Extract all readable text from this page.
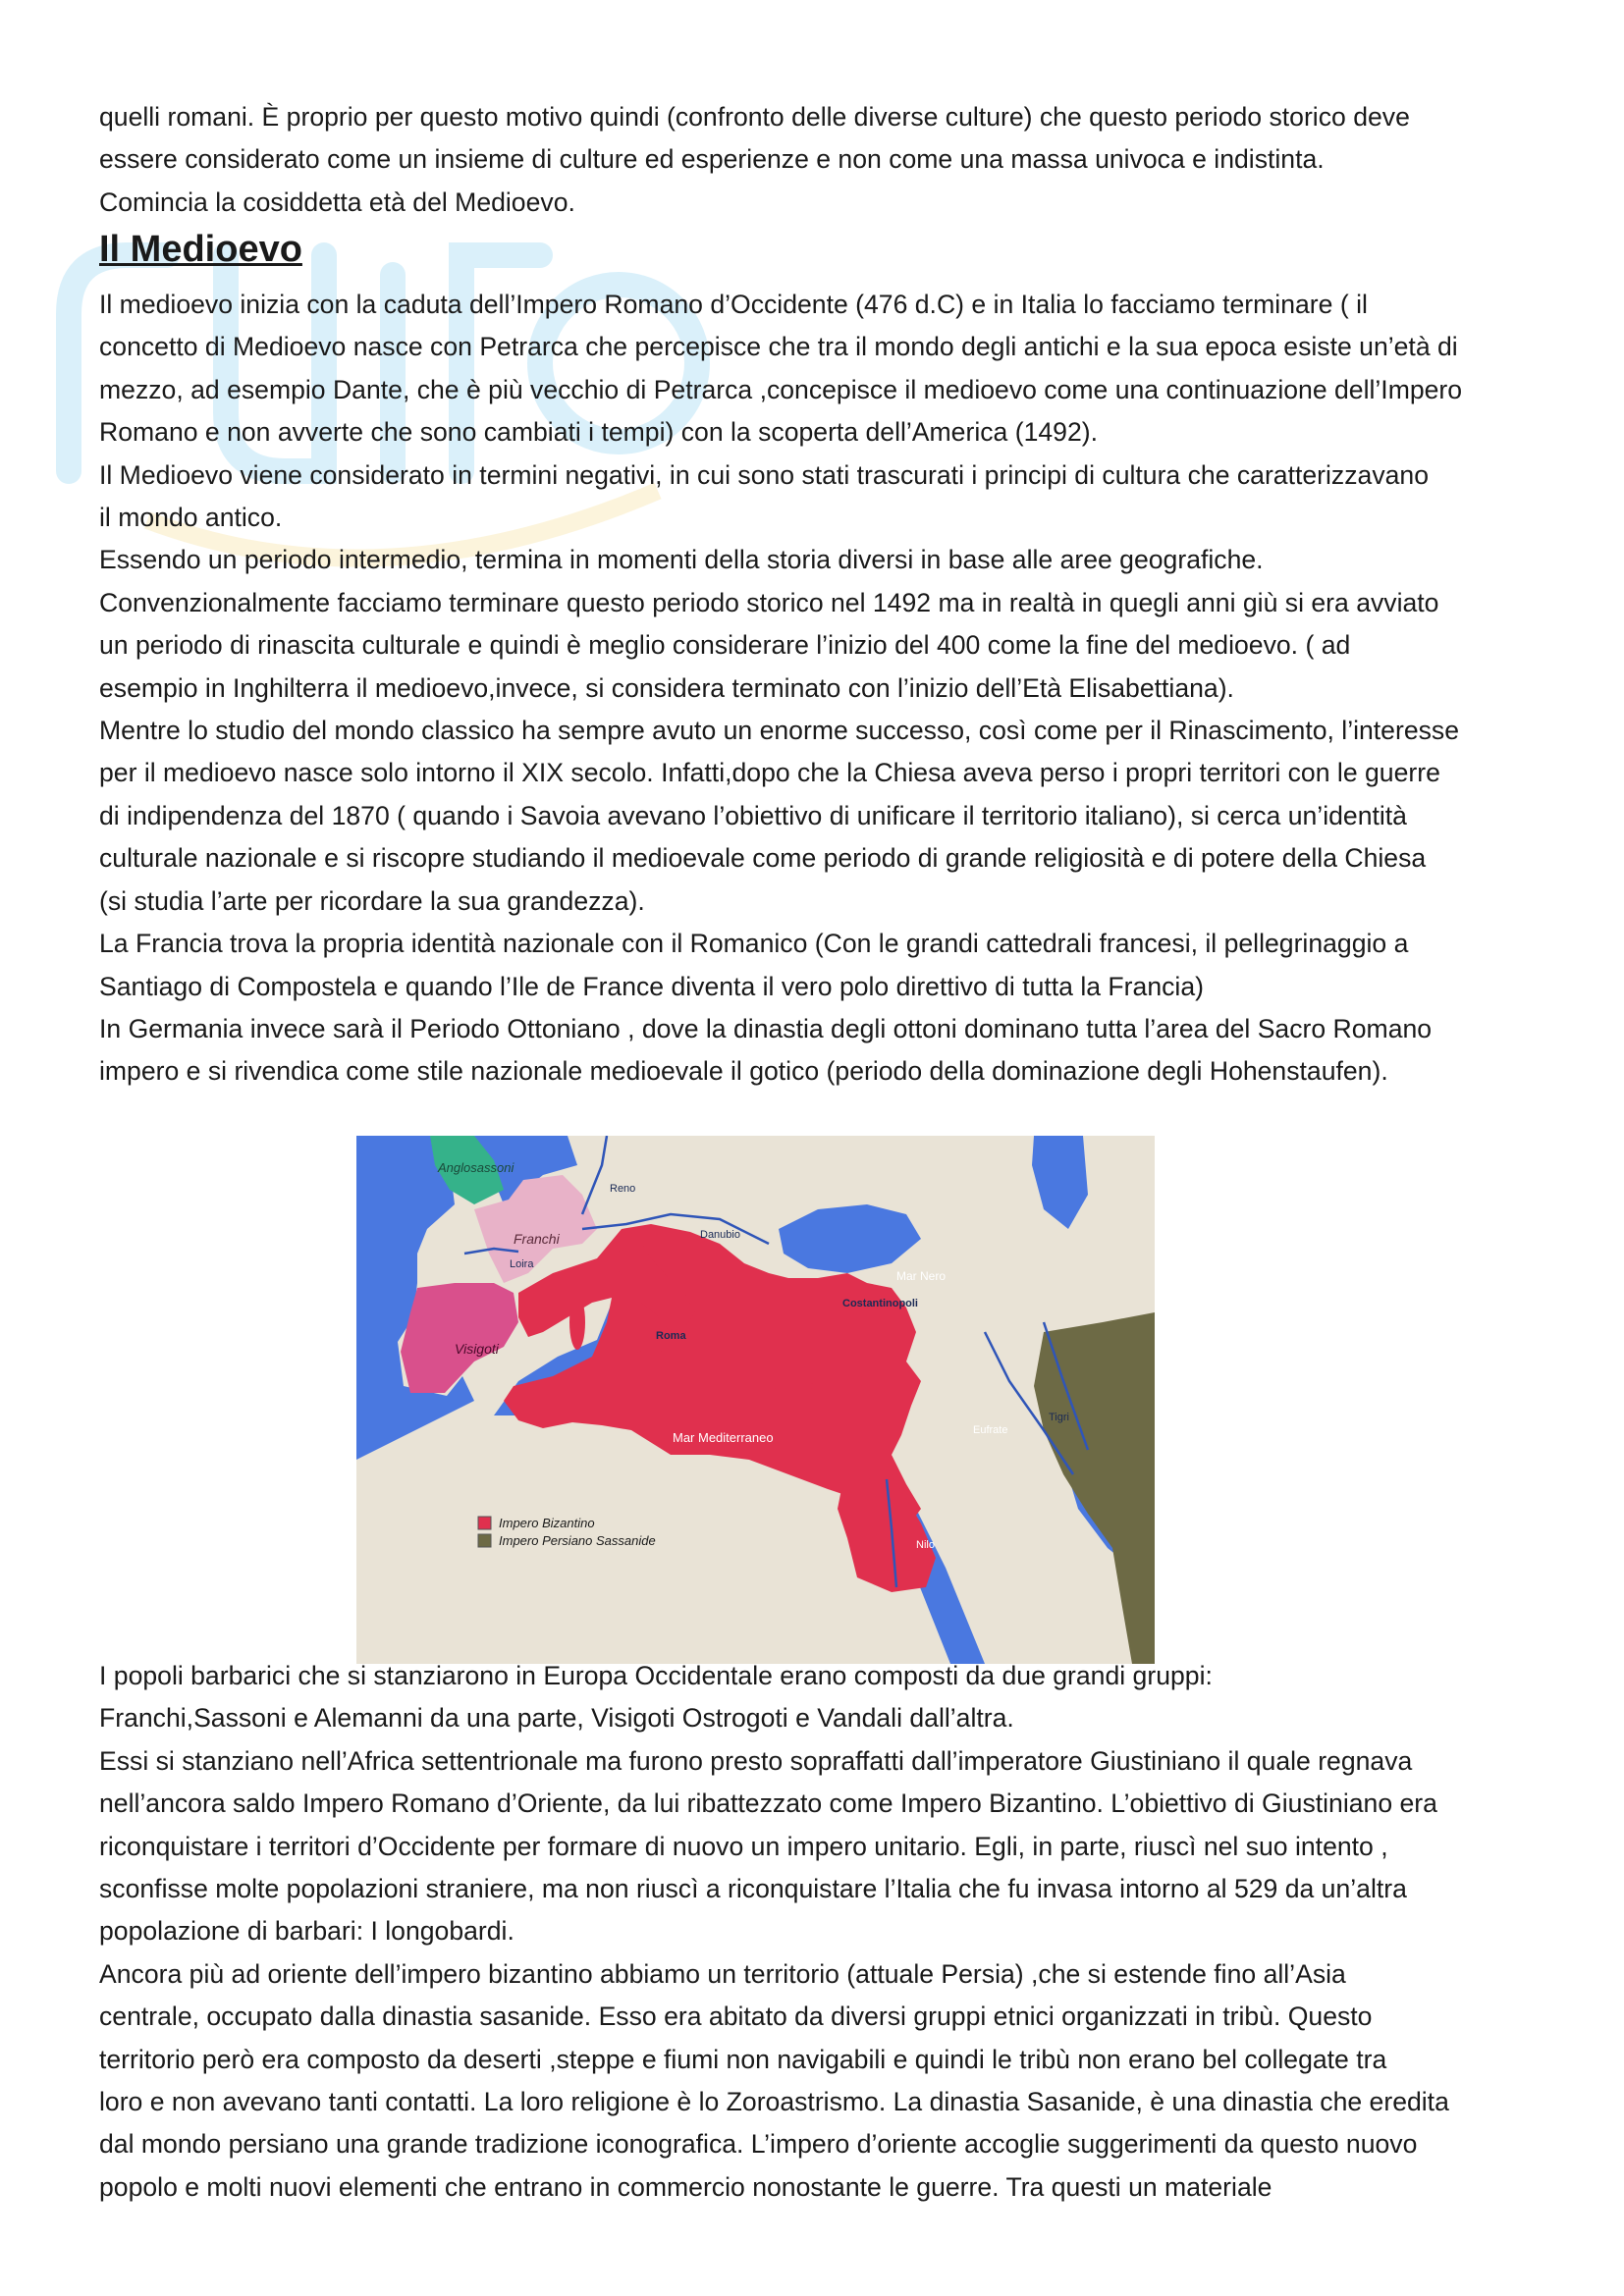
quelli romani. È proprio per questo motivo quindi (confronto delle diverse culture) che questo periodo storico deve

essere considerato come un insieme di culture ed esperienze e non come una massa univoca e indistinta.

Comincia la cosiddetta età del Medioevo.

Il Medioevo

Il medioevo inizia con la caduta dell’Impero Romano d’Occidente (476 d.C) e in Italia lo facciamo terminare ( il

concetto di Medioevo nasce con Petrarca che percepisce che tra il mondo degli antichi e la sua epoca esiste un’età di

mezzo, ad esempio Dante, che è più vecchio di Petrarca ,concepisce il medioevo come una continuazione dell’Impero

Romano e non avverte che sono cambiati i tempi) con la scoperta dell’America (1492).

Il Medioevo viene considerato in termini negativi, in cui sono stati trascurati i principi di cultura che caratterizzavano

il mondo antico.

Essendo un periodo intermedio, termina in momenti della storia diversi in base alle aree geografiche.

Convenzionalmente facciamo terminare questo periodo storico nel 1492 ma in realtà in quegli anni giù si era avviato

un periodo di rinascita culturale e quindi è meglio considerare l’inizio del 400 come la fine del medioevo. ( ad

esempio in Inghilterra il medioevo,invece, si considera terminato con l’inizio dell’Età Elisabettiana).

Mentre lo studio del mondo classico ha sempre avuto un enorme successo, così come per il Rinascimento, l’interesse

per il medioevo nasce solo intorno il XIX secolo. Infatti,dopo che la Chiesa aveva perso i propri territori con le guerre

di indipendenza del 1870 ( quando i Savoia avevano l’obiettivo di unificare il territorio italiano), si cerca un’identità

culturale nazionale e si riscopre studiando il medioevale come periodo di grande religiosità e di potere della Chiesa

(si studia l’arte per ricordare la sua grandezza).

La Francia trova la propria identità nazionale con il Romanico (Con le grandi cattedrali francesi, il pellegrinaggio a

Santiago di Compostela e quando l’Ile de France diventa il vero polo direttivo di tutta la Francia)

In Germania invece sarà il Periodo Ottoniano , dove la dinastia degli ottoni dominano tutta l’area del Sacro Romano

impero e si rivendica come stile nazionale medioevale il gotico (periodo della dominazione degli Hohenstaufen).

Anglosassoni
Reno
Franchi	Danubio
Loira
Mar Nero
Costantinopoli
Visigoti
Roma
Mar Mediterraneo	Eufrate
Tigri
Nilo
Impero Bizantino
Impero Persiano Sassanide

I popoli barbarici che si stanziarono in Europa Occidentale erano composti da due grandi gruppi:

Franchi,Sassoni e Alemanni da una parte, Visigoti Ostrogoti e Vandali dall’altra.

Essi si stanziano nell’Africa settentrionale ma furono presto sopraffatti dall’imperatore Giustiniano il quale regnava

nell’ancora saldo Impero Romano d’Oriente, da lui ribattezzato come Impero Bizantino. L’obiettivo di Giustiniano era

riconquistare i territori d’Occidente per formare di nuovo un impero unitario. Egli, in parte, riuscì nel suo intento ,

sconfisse molte popolazioni straniere, ma non riuscì a riconquistare l’Italia che fu invasa intorno al 529 da un’altra

popolazione di barbari: I longobardi.

Ancora più ad oriente dell’impero bizantino abbiamo un territorio (attuale Persia) ,che si estende fino all’Asia

centrale, occupato dalla dinastia sasanide. Esso era abitato da diversi gruppi etnici organizzati in tribù. Questo

territorio però era composto da deserti ,steppe e fiumi non navigabili e quindi le tribù non erano bel collegate tra

loro e non avevano tanti contatti. La loro religione è lo Zoroastrismo. La dinastia Sasanide, è una dinastia che eredita

dal mondo persiano una grande tradizione iconografica. L’impero d’oriente accoglie suggerimenti da questo nuovo

popolo e molti nuovi elementi che entrano in commercio nonostante le guerre. Tra questi un materiale
